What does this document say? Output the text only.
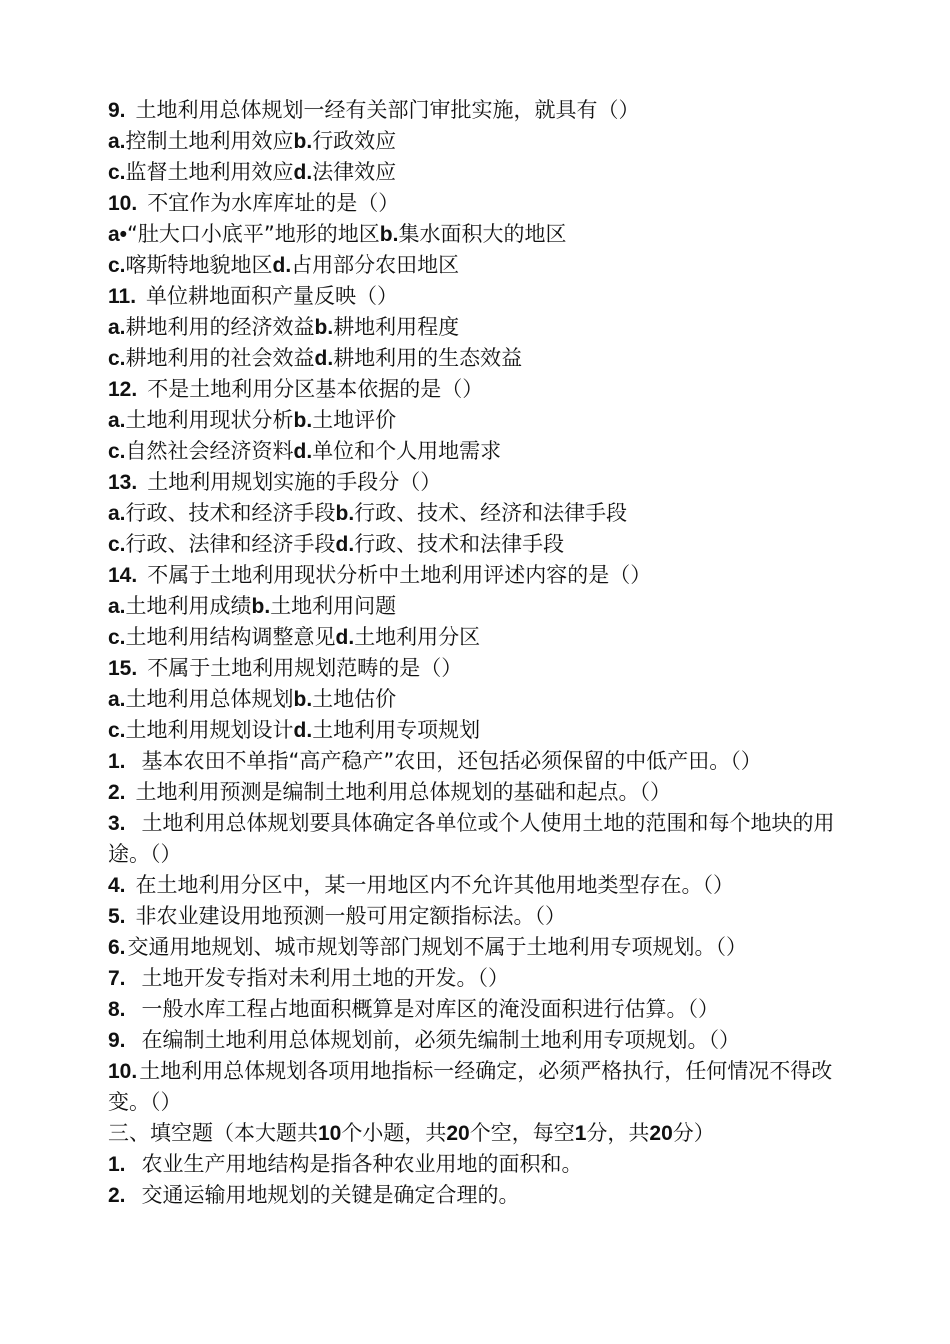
9. 土地利用总体规划一经有关部门审批实施，就具有（）
a.控制土地利用效应b.行政效应
c.监督土地利用效应d.法律效应
10. 不宜作为水库库址的是（）
a•“肚大口小底平”地形的地区b.集水面积大的地区
c.喀斯特地貌地区d.占用部分农田地区
11. 单位耕地面积产量反映（）
a.耕地利用的经济效益b.耕地利用程度
c.耕地利用的社会效益d.耕地利用的生态效益
12. 不是土地利用分区基本依据的是（）
a.土地利用现状分析b.土地评价
c.自然社会经济资料d.单位和个人用地需求
13. 土地利用规划实施的手段分（）
a.行政、技术和经济手段b.行政、技术、经济和法律手段
c.行政、法律和经济手段d.行政、技术和法律手段
14. 不属于土地利用现状分析中土地利用评述内容的是（）
a.土地利用成绩b.土地利用问题
c.土地利用结构调整意见d.土地利用分区
15. 不属于土地利用规划范畴的是（）
a.土地利用总体规划b.土地估价
c.土地利用规划设计d.土地利用专项规划
1. 基本农田不单指“高产稳产”农田，还包括必须保留的中低产田。（）
2. 土地利用预测是编制土地利用总体规划的基础和起点。（）
3. 土地利用总体规划要具体确定各单位或个人使用土地的范围和每个地块的用途。（）
4. 在土地利用分区中，某一用地区内不允许其他用地类型存在。（）
5. 非农业建设用地预测一般可用定额指标法。（）
6.交通用地规划、城市规划等部门规划不属于土地利用专项规划。（）
7. 土地开发专指对未利用土地的开发。（）
8. 一般水库工程占地面积概算是对库区的淹没面积进行估算。（）
9. 在编制土地利用总体规划前，必须先编制土地利用专项规划。（）
10.土地利用总体规划各项用地指标一经确定，必须严格执行，任何情况不得改变。（）
三、填空题（本大题共10个小题，共20个空，每空1分，共20分）
1. 农业生产用地结构是指各种农业用地的面积和。
2. 交通运输用地规划的关键是确定合理的。
